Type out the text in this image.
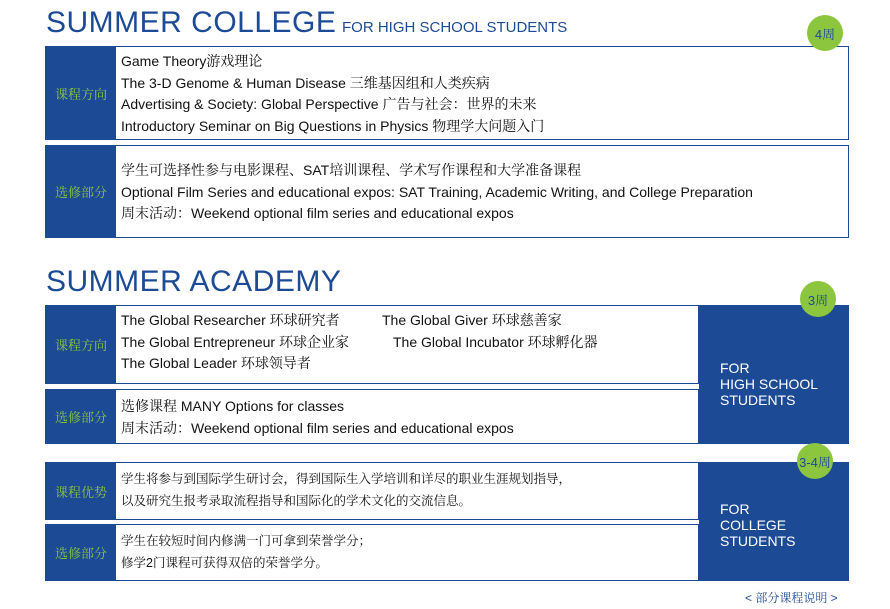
SUMMER COLLEGE FOR HIGH SCHOOL STUDENTS
课程方向
Game Theory游戏理论
The 3-D Genome & Human Disease 三维基因组和人类疾病
Advertising & Society: Global Perspective 广告与社会：世界的未来
Introductory Seminar on Big Questions in Physics 物理学大问题入门
4周
选修部分
学生可选择性参与电影课程、SAT培训课程、学术写作课程和大学准备课程
Optional Film Series and educational expos: SAT Training, Academic Writing, and College Preparation
周末活动：Weekend optional film series and educational expos
SUMMER ACADEMY
课程方向
The Global Researcher 环球研究者	The Global Giver 环球慈善家
The Global Entrepreneur 环球企业家	The Global Incubator 环球孵化器
The Global Leader 环球领导者
选修部分
选修课程 MANY Options for classes
周末活动：Weekend optional film series and educational expos
FOR
HIGH SCHOOL
STUDENTS
3周
课程优势
学生将参与到国际学生研讨会，得到国际生入学培训和详尽的职业生涯规划指导，
以及研究生报考录取流程指导和国际化的学术文化的交流信息。
选修部分
学生在较短时间内修满一门可拿到荣誉学分；
修学2门课程可获得双倍的荣誉学分。
FOR
COLLEGE
STUDENTS
3-4周
< 部分课程说明 >
